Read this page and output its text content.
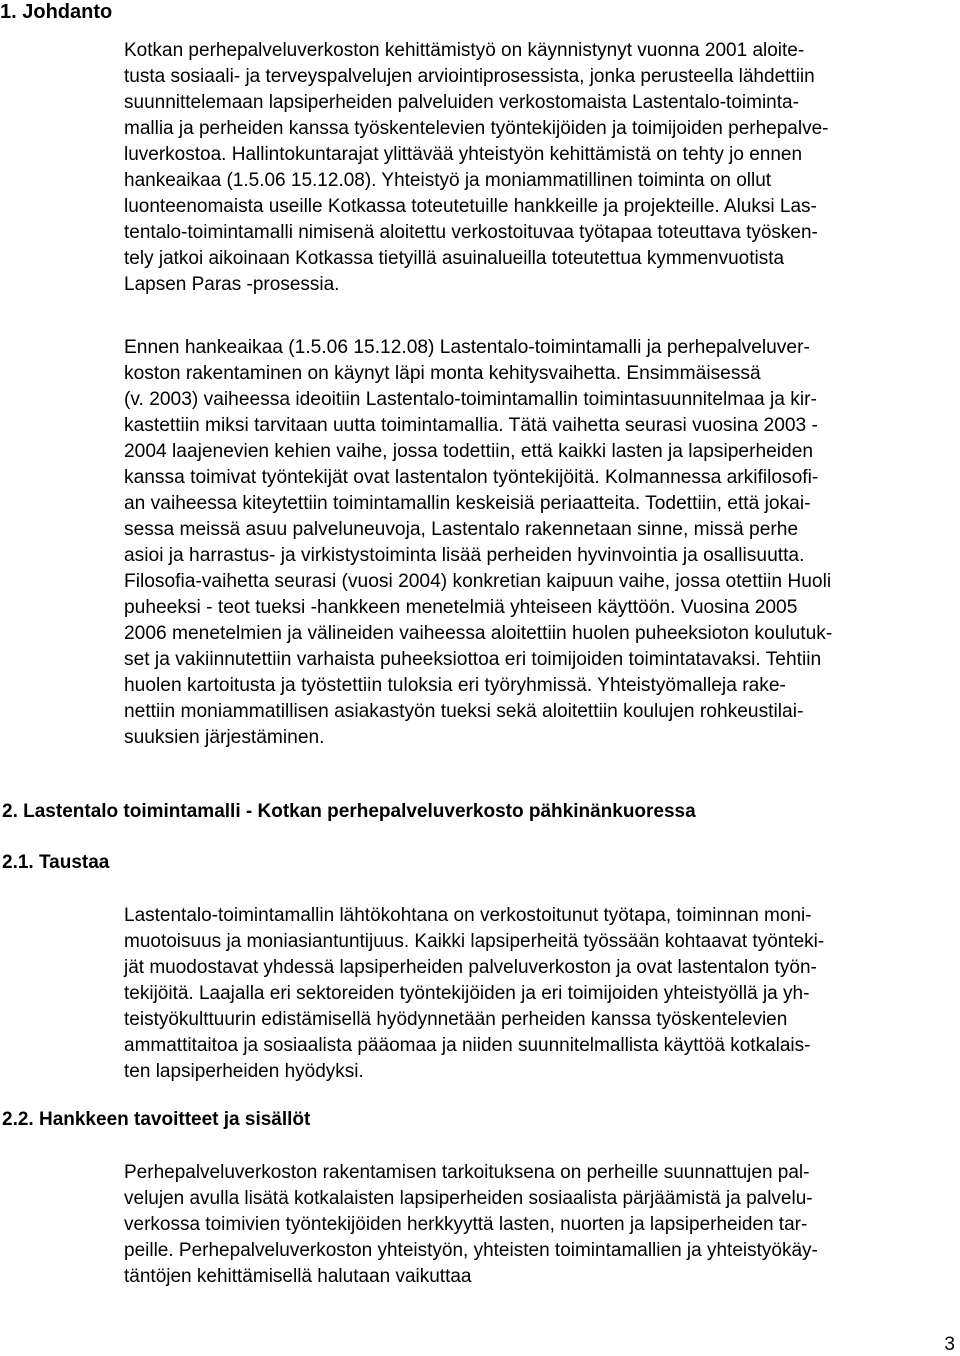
1. Johdanto

Kotkan perhepalveluverkoston kehittämistyö on käynnistynyt vuonna 2001 aloite-
tusta sosiaali- ja terveyspalvelujen arviointiprosessista, jonka perusteella lähdettiin
suunnittelemaan lapsiperheiden palveluiden verkostomaista Lastentalo-toiminta-
mallia ja perheiden kanssa työskentelevien työntekijöiden ja toimijoiden perhepalve-
luverkostoa. Hallintokuntarajat ylittävää yhteistyön kehittämistä on tehty jo ennen
hankeaikaa (1.5.06 15.12.08). Yhteistyö ja moniammatillinen toiminta on ollut
luonteenomaista useille Kotkassa toteutetuille hankkeille ja projekteille. Aluksi Las-
tentalo-toimintamalli nimisenä aloitettu verkostoituvaa työtapaa toteuttava työsken-
tely jatkoi aikoinaan Kotkassa tietyillä asuinalueilla toteutettua kymmenvuotista
Lapsen Paras -prosessia.

Ennen hankeaikaa (1.5.06 15.12.08) Lastentalo-toimintamalli ja perhepalveluver-
koston rakentaminen on käynyt läpi monta kehitysvaihetta. Ensimmäisessä
(v. 2003) vaiheessa ideoitiin Lastentalo-toimintamallin toimintasuunnitelmaa ja kir-
kastettiin miksi tarvitaan uutta toimintamallia. Tätä vaihetta seurasi vuosina 2003 -
2004 laajenevien kehien vaihe, jossa todettiin, että kaikki lasten ja lapsiperheiden
kanssa toimivat työntekijät ovat lastentalon työntekijöitä. Kolmannessa arkifilosofi-
an vaiheessa kiteytettiin toimintamallin keskeisiä periaatteita. Todettiin, että jokai-
sessa meissä asuu palveluneuvoja, Lastentalo rakennetaan sinne, missä perhe
asioi ja harrastus- ja virkistystoiminta lisää perheiden hyvinvointia ja osallisuutta.
Filosofia-vaihetta seurasi (vuosi 2004) konkretian kaipuun vaihe, jossa otettiin Huoli
puheeksi - teot tueksi -hankkeen menetelmiä yhteiseen käyttöön. Vuosina 2005
2006 menetelmien ja välineiden vaiheessa aloitettiin huolen puheeksioton koulutuk-
set ja vakiinnutettiin varhaista puheeksiottoa eri toimijoiden toimintatavaksi. Tehtiin
huolen kartoitusta ja työstettiin tuloksia eri työryhmissä. Yhteistyömalleja rake-
nettiin moniammatillisen asiakastyön tueksi sekä aloitettiin koulujen rohkeustilai-
suuksien järjestäminen.

2. Lastentalo toimintamalli - Kotkan perhepalveluverkosto pähkinänkuoressa
2.1. Taustaa

Lastentalo-toimintamallin lähtökohtana on verkostoitunut työtapa, toiminnan moni-
muotoisuus ja moniasiantuntijuus. Kaikki lapsiperheitä työssään kohtaavat työnteki-
jät muodostavat yhdessä lapsiperheiden palveluverkoston ja ovat lastentalon työn-
tekijöitä. Laajalla eri sektoreiden työntekijöiden ja eri toimijoiden yhteistyöllä ja yh-
teistyökulttuurin edistämisellä hyödynnetään perheiden kanssa työskentelevien
ammattitaitoa ja sosiaalista pääomaa ja niiden suunnitelmallista käyttöä kotkalais-
ten lapsiperheiden hyödyksi.

2.2. Hankkeen tavoitteet ja sisällöt

Perhepalveluverkoston rakentamisen tarkoituksena on perheille suunnattujen pal-
velujen avulla lisätä kotkalaisten lapsiperheiden sosiaalista pärjäämistä ja palvelu-
verkossa toimivien työntekijöiden herkkyyttä lasten, nuorten ja lapsiperheiden tar-
peille. Perhepalveluverkoston yhteistyön, yhteisten toimintamallien ja yhteistyökäy-
täntöjen kehittämisellä halutaan vaikuttaa

3
